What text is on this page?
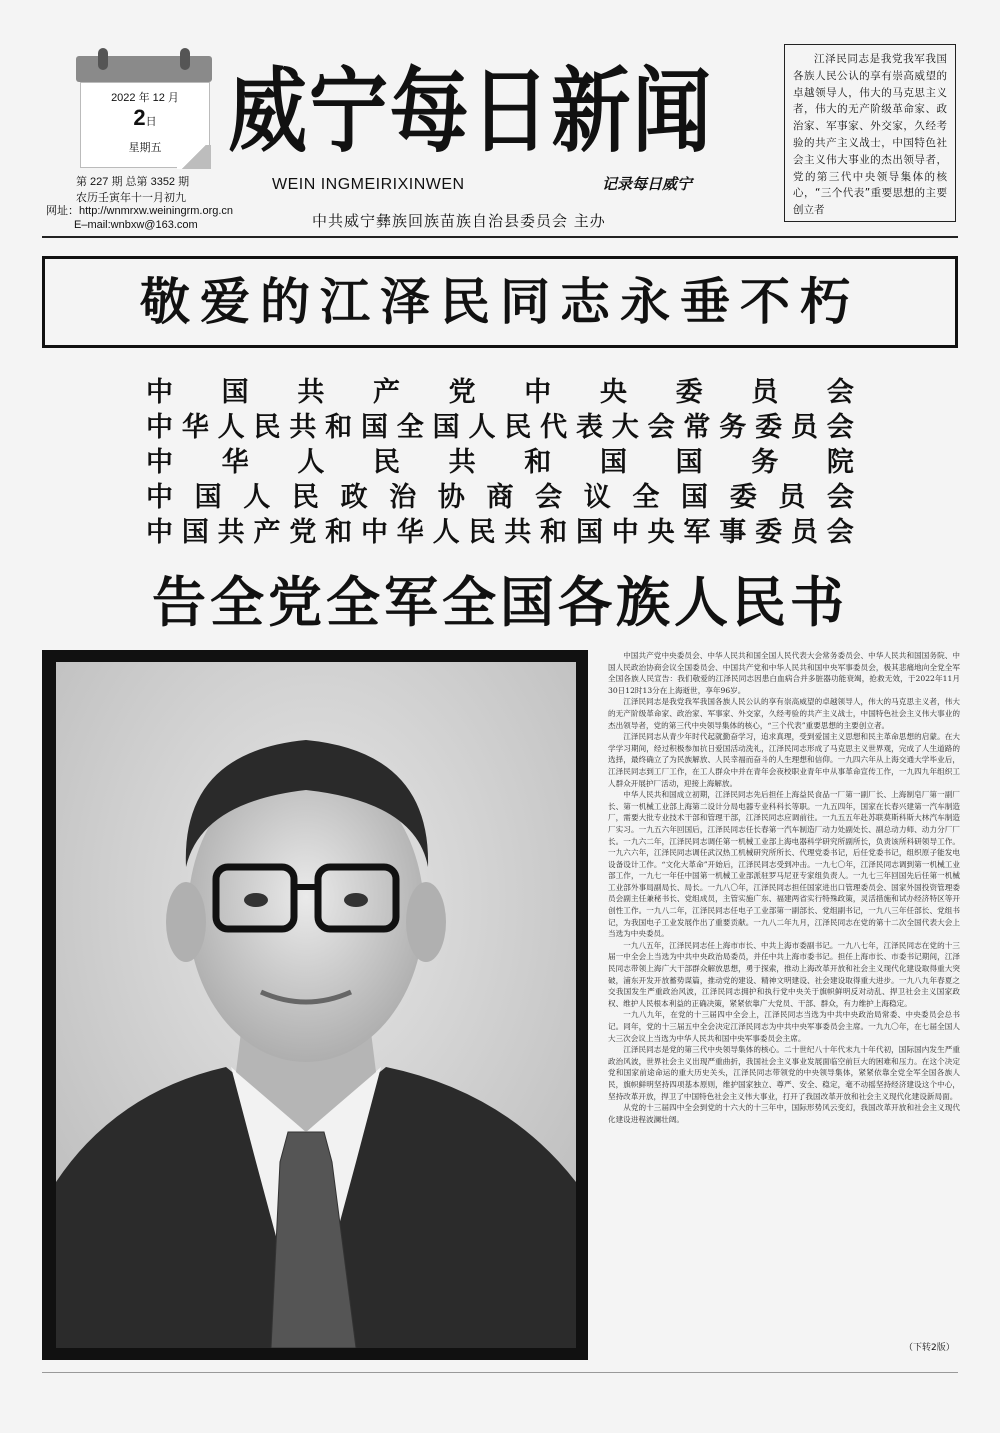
2022 年 12 月
2日
星期五
第 227 期 总第 3352 期
农历壬寅年十一月初九
网址：http://wnmrxw.weiningrm.org.cn
E–mail:wnbxw@163.com
威宁每日新闻
WEIN INGMEIRIXINWEN	记录每日威宁
中共威宁彝族回族苗族自治县委员会 主办
江泽民同志是我党我军我国各族人民公认的享有崇高威望的卓越领导人，伟大的马克思主义者，伟大的无产阶级革命家、政治家、军事家、外交家，久经考验的共产主义战士，中国特色社会主义伟大事业的杰出领导者，党的第三代中央领导集体的核心，“三个代表”重要思想的主要创立者
敬爱的江泽民同志永垂不朽
中 国 共 产 党 中 央 委 员 会
中 华 人 民 共 和 国 全 国 人 民 代 表 大 会 常 务 委 员 会
中 华 人 民 共 和 国 国 务 院
中 国 人 民 政 治 协 商 会 议 全 国 委 员 会
中 国 共 产 党 和 中 华 人 民 共 和 国 中 央 军 事 委 员 会
告全党全军全国各族人民书

中国共产党中央委员会、中华人民共和国全国人民代表大会常务委员会、中华人民共和国国务院、中国人民政治协商会议全国委员会、中国共产党和中华人民共和国中央军事委员会，极其悲痛地向全党全军全国各族人民宣告：我们敬爱的江泽民同志因患白血病合并多脏器功能衰竭，抢救无效，于2022年11月30日12时13分在上海逝世，享年96岁。

江泽民同志是我党我军我国各族人民公认的享有崇高威望的卓越领导人，伟大的马克思主义者，伟大的无产阶级革命家、政治家、军事家、外交家，久经考验的共产主义战士，中国特色社会主义伟大事业的杰出领导者，党的第三代中央领导集体的核心，“三个代表”重要思想的主要创立者。

江泽民同志从青少年时代起就勤奋学习，追求真理，受到爱国主义思想和民主革命思想的启蒙。在大学学习期间，经过积极参加抗日爱国活动洗礼，江泽民同志形成了马克思主义世界观，完成了人生道路的选择，最终确立了为民族解放、人民幸福而奋斗的人生理想和信仰。一九四六年从上海交通大学毕业后，江泽民同志到工厂工作，在工人群众中并在青年会夜校职业青年中从事革命宣传工作，一九四九年组织工人群众开展护厂活动，迎接上海解放。

中华人民共和国成立初期，江泽民同志先后担任上海益民食品一厂第一副厂长、上海制皂厂第一副厂长、第一机械工业部上海第二设计分局电器专业科科长等职。一九五四年，国家在长春兴建第一汽车制造厂，需要大批专业技术干部和管理干部，江泽民同志应调前往。一九五五年赴苏联莫斯科斯大林汽车制造厂实习。一九五六年回国后，江泽民同志任长春第一汽车制造厂动力处副处长、副总动力师、动力分厂厂长。一九六二年，江泽民同志调任第一机械工业部上海电器科学研究所副所长，负责该所科研领导工作。一九六六年，江泽民同志调任武汉热工机械研究所所长、代理党委书记，后任党委书记，组织原子能发电设备设计工作。“文化大革命”开始后，江泽民同志受到冲击。一九七〇年，江泽民同志调到第一机械工业部工作，一九七一年任中国第一机械工业部派驻罗马尼亚专家组负责人。一九七三年回国先后任第一机械工业部外事局副局长、局长。一九八〇年，江泽民同志担任国家进出口管理委员会、国家外国投资管理委员会副主任兼秘书长、党组成员，主管实施广东、福建两省实行特殊政策，灵活措施和试办经济特区等开创性工作。一九八二年，江泽民同志任电子工业部第一副部长、党组副书记，一九八三年任部长、党组书记，为我国电子工业发展作出了重要贡献。一九八二年九月，江泽民同志在党的第十二次全国代表大会上当选为中央委员。

一九八五年，江泽民同志任上海市市长、中共上海市委副书记。一九八七年，江泽民同志在党的十三届一中全会上当选为中共中央政治局委员，并任中共上海市委书记。担任上海市长、市委书记期间，江泽民同志带领上海广大干部群众解放思想，勇于探索，推动上海改革开放和社会主义现代化建设取得重大突破，浦东开发开放蓄势谋篇，推动党的建设、精神文明建设、社会建设取得重大进步。一九八九年春夏之交我国发生严重政治风波，江泽民同志拥护和执行党中央关于旗帜鲜明反对动乱、捍卫社会主义国家政权、维护人民根本利益的正确决策，紧紧依靠广大党员、干部、群众，有力维护上海稳定。

一九八九年，在党的十三届四中全会上，江泽民同志当选为中共中央政治局常委、中央委员会总书记。同年，党的十三届五中全会决定江泽民同志为中共中央军事委员会主席。一九九〇年，在七届全国人大三次会议上当选为中华人民共和国中央军事委员会主席。

江泽民同志是党的第三代中央领导集体的核心。二十世纪八十年代末九十年代初，国际国内发生严重政治风波，世界社会主义出现严重曲折，我国社会主义事业发展面临空前巨大的困难和压力。在这个决定党和国家前途命运的重大历史关头，江泽民同志带领党的中央领导集体，紧紧依靠全党全军全国各族人民，旗帜鲜明坚持四项基本原则，维护国家独立、尊严、安全、稳定，毫不动摇坚持经济建设这个中心，坚持改革开放，捍卫了中国特色社会主义伟大事业，打开了我国改革开放和社会主义现代化建设新局面。

从党的十三届四中全会到党的十六大的十三年中，国际形势风云变幻，我国改革开放和社会主义现代化建设进程波澜壮阔。

（下转2版）
